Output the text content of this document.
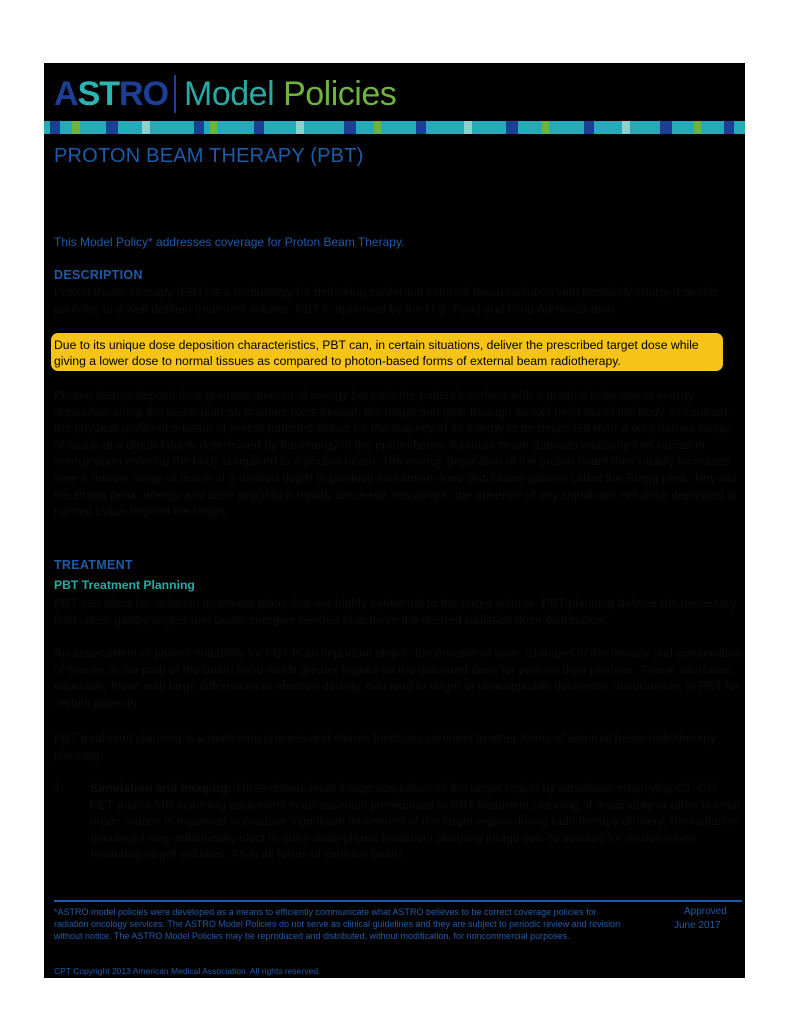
ASTRO Model Policies
PROTON BEAM THERAPY (PBT)
This Model Policy* addresses coverage for Proton Beam Therapy.
DESCRIPTION

Proton Beam Therapy (PBT) is a technology for delivering conformal external beam radiation with positively charged atomic particles to a well-defined treatment volume. PBT is approved by the U.S. Food and Drug Administration.

Due to its unique dose deposition characteristics, PBT can, in certain situations, deliver the prescribed target dose while giving a lower dose to normal tissues as compared to photon-based forms of external beam radiotherapy.

Photon beams deposit their greatest amount of energy beneath the patient's surface with a gradual reduction in energy deposition along the beam path as photons pass through the target and then through an exit point out of the body. In contrast, the physical profile of a beam of proton particles allows for the majority of its energy to be deposited over a very narrow range of tissue at a depth largely determined by the energy of the proton beam. A proton beam deposits relatively less radiation energy upon entering the body compared to a photon beam. The energy deposition of the proton beam then rapidly increases over a narrow range of tissue at a desired depth to produce an intense dose distribution pattern called the Bragg peak. Beyond the Bragg peak, energy and dose deposition rapidly decrease, resulting in the absence of any significant exit dose deposited in normal tissue beyond the target.

TREATMENT
PBT Treatment Planning

PBT can allow for radiation treatment plans that are highly conformal to the target volume. PBT planning defines the necessary field sizes, gantry angles and beam energies needed to achieve the desired radiation dose distribution.

An assessment of patient suitability for PBT is an important step in the process of care. Changes in the density and composition of tissues in the path of the beam have much greater impact on the delivered dose for protons than photons. Tissue interfaces, especially those with large differences in electron density, can lead to larger or unacceptable dosimetric uncertainties in PBT for certain patients.

PBT treatment planning is a multi-step process and shares functions common to other forms of external beam radiotherapy planning:

1. Simulation and Imaging: Three-dimensional image acquisition of the target region by simulation employing CT, CT/ PET and/or MR scanning equipment is an essential prerequisite to PBT treatment planning. If respiratory or other normal organ motion is expected to produce significant movement of the target region during radiotherapy delivery, the radiation oncologist may additionally elect to order multi-phasic treatment planning image sets to account for motion when rendering target volumes. As in all forms of external beam

*ASTRO model policies were developed as a means to efficiently communicate what ASTRO believes to be correct coverage policies for radiation oncology services. The ASTRO Model Policies do not serve as clinical guidelines and they are subject to periodic review and revision without notice. The ASTRO Model Policies may be reproduced and distributed, without modification, for noncommercial purposes.

Approved
June 2017
CPT Copyright 2013 American Medical Association. All rights reserved.
